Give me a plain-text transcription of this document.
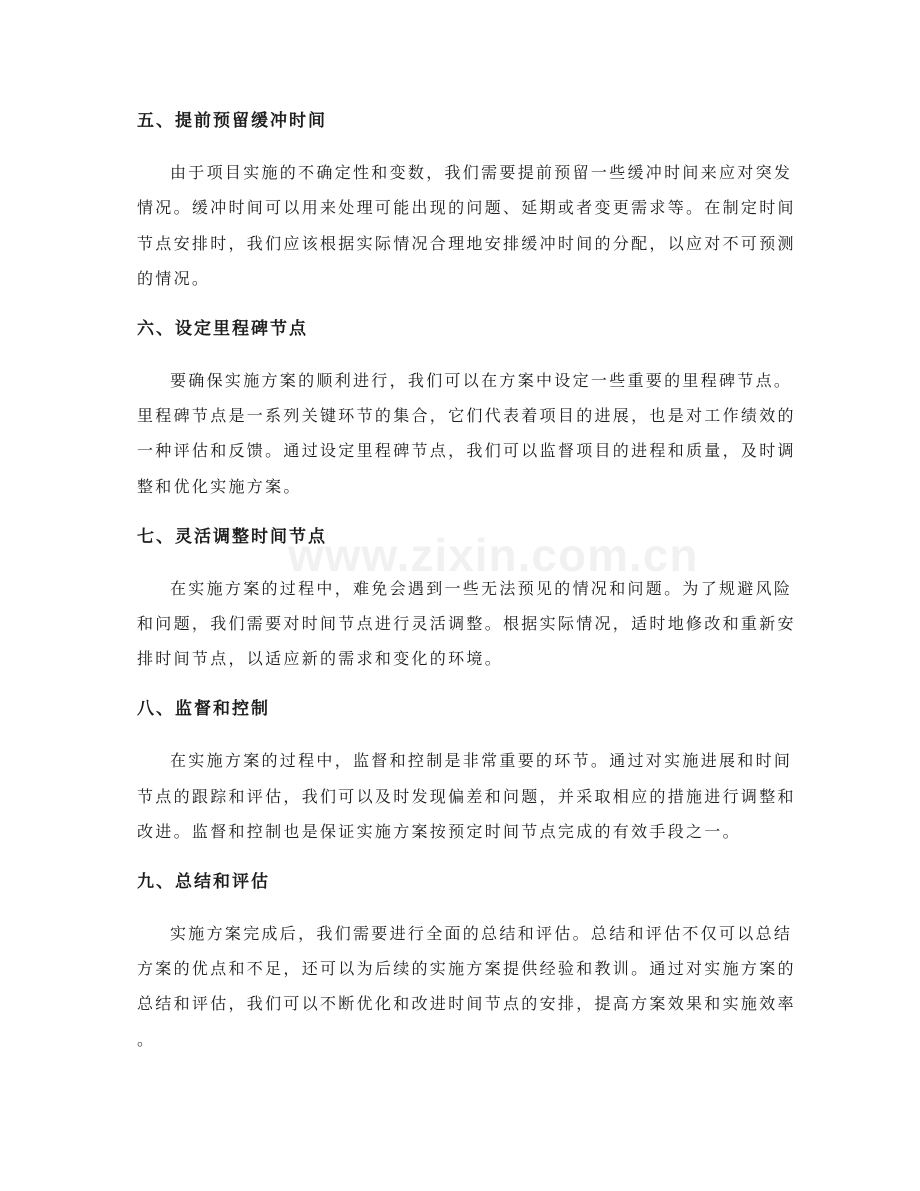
www.zixin.com.cn
五、提前预留缓冲时间
由于项目实施的不确定性和变数，我们需要提前预留一些缓冲时间来应对突发
情况。缓冲时间可以用来处理可能出现的问题、延期或者变更需求等。在制定时间
节点安排时，我们应该根据实际情况合理地安排缓冲时间的分配，以应对不可预测
的情况。
六、设定里程碑节点
要确保实施方案的顺利进行，我们可以在方案中设定一些重要的里程碑节点。
里程碑节点是一系列关键环节的集合，它们代表着项目的进展，也是对工作绩效的
一种评估和反馈。通过设定里程碑节点，我们可以监督项目的进程和质量，及时调
整和优化实施方案。
七、灵活调整时间节点
在实施方案的过程中，难免会遇到一些无法预见的情况和问题。为了规避风险
和问题，我们需要对时间节点进行灵活调整。根据实际情况，适时地修改和重新安
排时间节点，以适应新的需求和变化的环境。
八、监督和控制
在实施方案的过程中，监督和控制是非常重要的环节。通过对实施进展和时间
节点的跟踪和评估，我们可以及时发现偏差和问题，并采取相应的措施进行调整和
改进。监督和控制也是保证实施方案按预定时间节点完成的有效手段之一。
九、总结和评估
实施方案完成后，我们需要进行全面的总结和评估。总结和评估不仅可以总结
方案的优点和不足，还可以为后续的实施方案提供经验和教训。通过对实施方案的
总结和评估，我们可以不断优化和改进时间节点的安排，提高方案效果和实施效率
。
